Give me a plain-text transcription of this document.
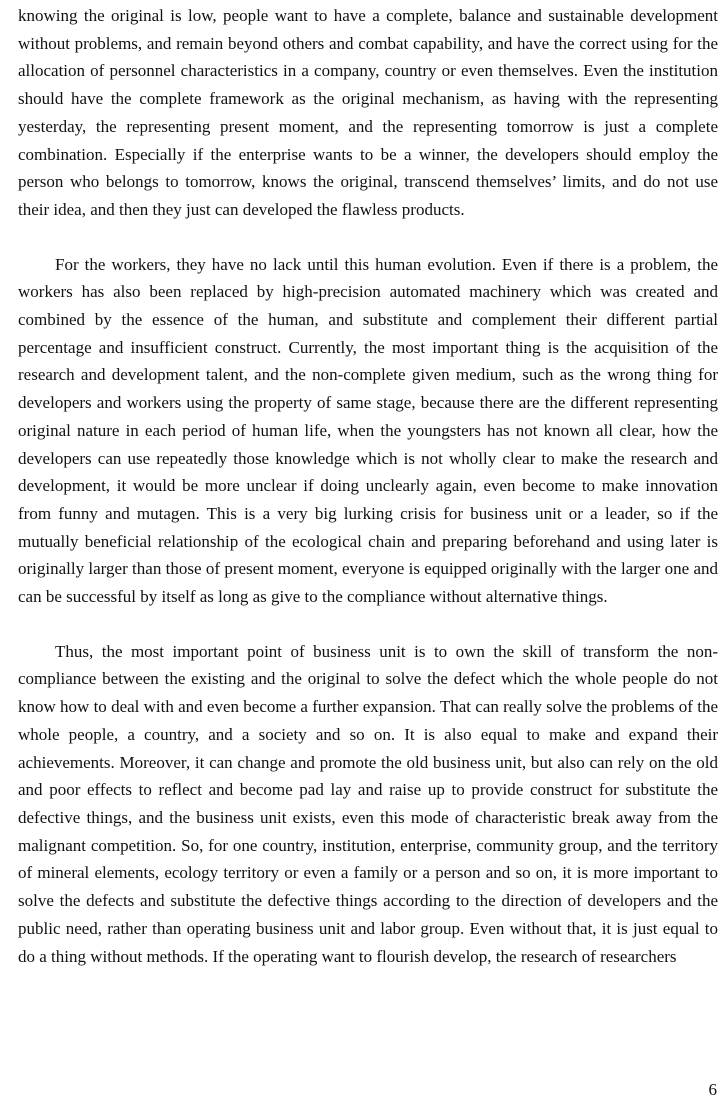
knowing the original is low, people want to have a complete, balance and sustainable development without problems, and remain beyond others and combat capability, and have the correct using for the allocation of personnel characteristics in a company, country or even themselves. Even the institution should have the complete framework as the original mechanism, as having with the representing yesterday, the representing present moment, and the representing tomorrow is just a complete combination. Especially if the enterprise wants to be a winner, the developers should employ the person who belongs to tomorrow, knows the original, transcend themselves’ limits, and do not use their idea, and then they just can developed the flawless products.

For the workers, they have no lack until this human evolution. Even if there is a problem, the workers has also been replaced by high-precision automated machinery which was created and combined by the essence of the human, and substitute and complement their different partial percentage and insufficient construct. Currently, the most important thing is the acquisition of the research and development talent, and the non-complete given medium, such as the wrong thing for developers and workers using the property of same stage, because there are the different representing original nature in each period of human life, when the youngsters has not known all clear, how the developers can use repeatedly those knowledge which is not wholly clear to make the research and development, it would be more unclear if doing unclearly again, even become to make innovation from funny and mutagen. This is a very big lurking crisis for business unit or a leader, so if the mutually beneficial relationship of the ecological chain and preparing beforehand and using later is originally larger than those of present moment, everyone is equipped originally with the larger one and can be successful by itself as long as give to the compliance without alternative things.

Thus, the most important point of business unit is to own the skill of transform the non-compliance between the existing and the original to solve the defect which the whole people do not know how to deal with and even become a further expansion. That can really solve the problems of the whole people, a country, and a society and so on. It is also equal to make and expand their achievements. Moreover, it can change and promote the old business unit, but also can rely on the old and poor effects to reflect and become pad lay and raise up to provide construct for substitute the defective things, and the business unit exists, even this mode of characteristic break away from the malignant competition. So, for one country, institution, enterprise, community group, and the territory of mineral elements, ecology territory or even a family or a person and so on, it is more important to solve the defects and substitute the defective things according to the direction of developers and the public need, rather than operating business unit and labor group. Even without that, it is just equal to do a thing without methods. If the operating want to flourish develop, the research of researchers

6
